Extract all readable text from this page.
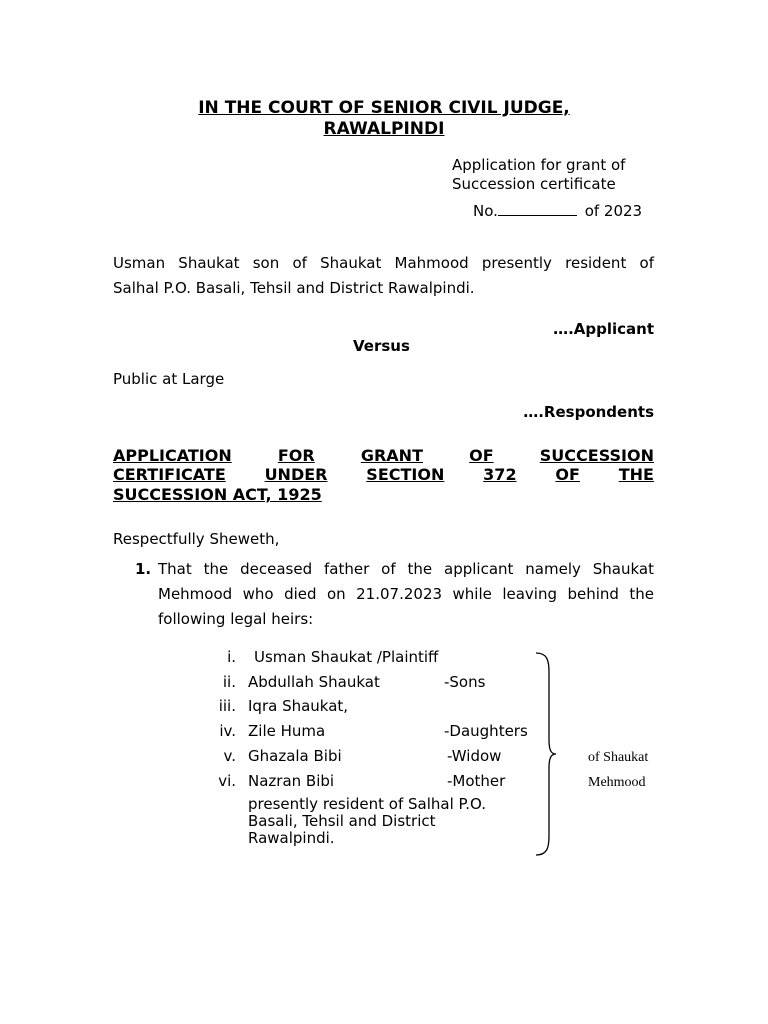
IN THE COURT OF SENIOR CIVIL JUDGE,
RAWALPINDI
Application for grant of
Succession certificate
No.	of 2023
Usman Shaukat son of Shaukat Mahmood presently resident of
Salhal P.O. Basali, Tehsil and District Rawalpindi.
….Applicant
Versus
Public at Large
….Respondents
APPLICATION	FOR	GRANT	OF	SUCCESSION
CERTIFICATE UNDER SECTION 372 OF THE
SUCCESSION ACT, 1925
Respectfully Sheweth,
1. That the deceased father of the applicant namely Shaukat
Mehmood who died on 21.07.2023 while leaving behind the
following legal heirs:
i. Usman Shaukat /Plaintiff
ii. Abdullah Shaukat	-Sons
iii. Iqra Shaukat,
iv. Zile Huma	-Daughters
v. Ghazala Bibi	-Widow
vi. Nazran Bibi	-Mother
presently resident of Salhal P.O.
Basali, Tehsil and District
Rawalpindi.
of Shaukat
Mehmood
